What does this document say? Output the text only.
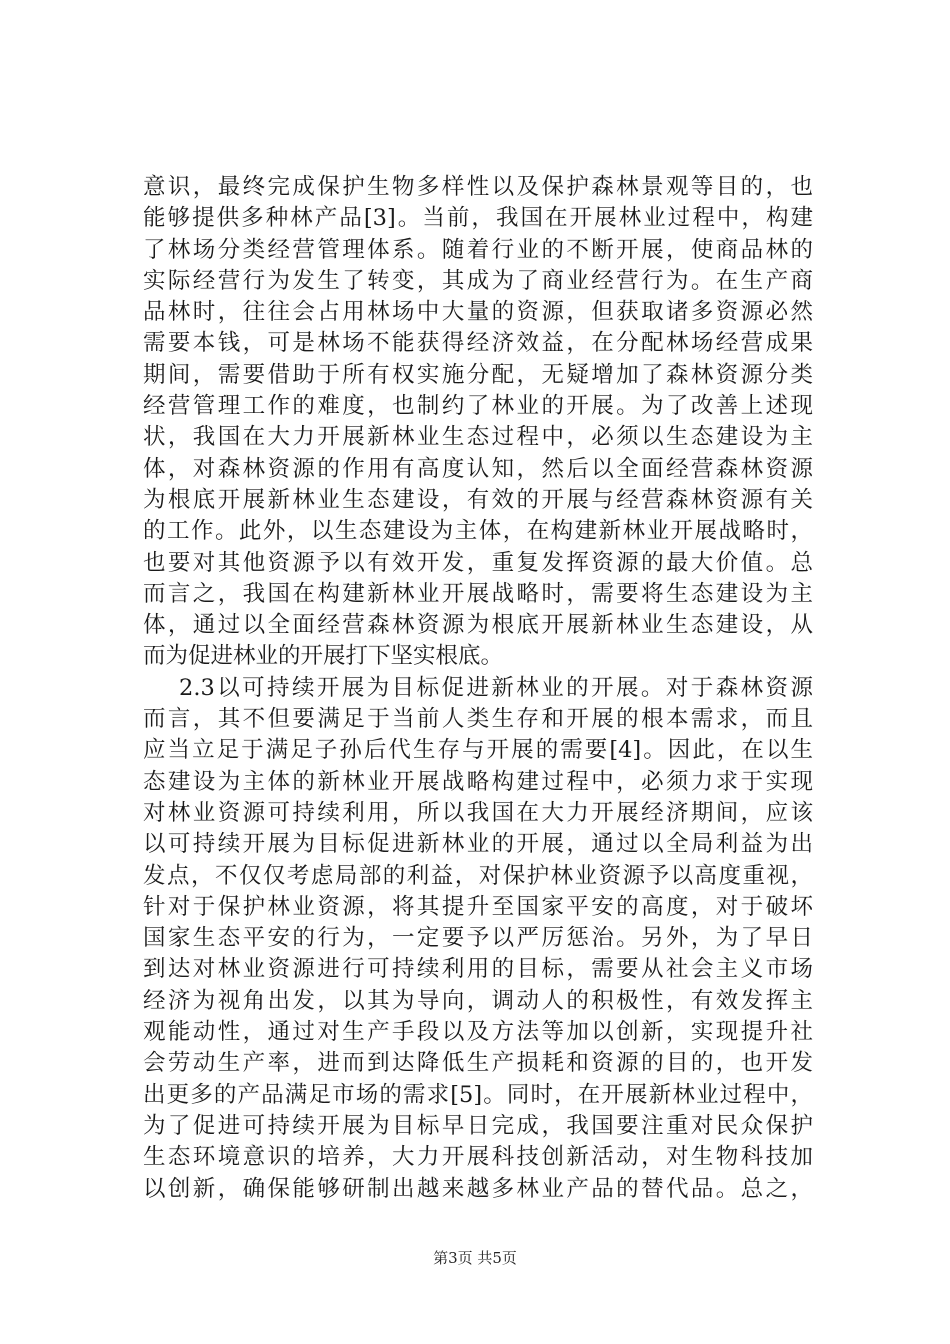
意识，最终完成保护生物多样性以及保护森林景观等目的，也
能够提供多种林产品[3]。当前，我国在开展林业过程中，构建
了林场分类经营管理体系。随着行业的不断开展，使商品林的
实际经营行为发生了转变，其成为了商业经营行为。在生产商
品林时，往往会占用林场中大量的资源，但获取诸多资源必然
需要本钱，可是林场不能获得经济效益，在分配林场经营成果
期间，需要借助于所有权实施分配，无疑增加了森林资源分类
经营管理工作的难度，也制约了林业的开展。为了改善上述现
状，我国在大力开展新林业生态过程中，必须以生态建设为主
体，对森林资源的作用有高度认知，然后以全面经营森林资源
为根底开展新林业生态建设，有效的开展与经营森林资源有关
的工作。此外，以生态建设为主体，在构建新林业开展战略时，
也要对其他资源予以有效开发，重复发挥资源的最大价值。总
而言之，我国在构建新林业开展战略时，需要将生态建设为主
体，通过以全面经营森林资源为根底开展新林业生态建设，从
而为促进林业的开展打下坚实根底。
2.3以可持续开展为目标促进新林业的开展。对于森林资源
而言，其不但要满足于当前人类生存和开展的根本需求，而且
应当立足于满足子孙后代生存与开展的需要[4]。因此，在以生
态建设为主体的新林业开展战略构建过程中，必须力求于实现
对林业资源可持续利用，所以我国在大力开展经济期间，应该
以可持续开展为目标促进新林业的开展，通过以全局利益为出
发点，不仅仅考虑局部的利益，对保护林业资源予以高度重视，
针对于保护林业资源，将其提升至国家平安的高度，对于破坏
国家生态平安的行为，一定要予以严厉惩治。另外，为了早日
到达对林业资源进行可持续利用的目标，需要从社会主义市场
经济为视角出发，以其为导向，调动人的积极性，有效发挥主
观能动性，通过对生产手段以及方法等加以创新，实现提升社
会劳动生产率，进而到达降低生产损耗和资源的目的，也开发
出更多的产品满足市场的需求[5]。同时，在开展新林业过程中，
为了促进可持续开展为目标早日完成，我国要注重对民众保护
生态环境意识的培养，大力开展科技创新活动，对生物科技加
以创新，确保能够研制出越来越多林业产品的替代品。总之，
第3页 共5页
